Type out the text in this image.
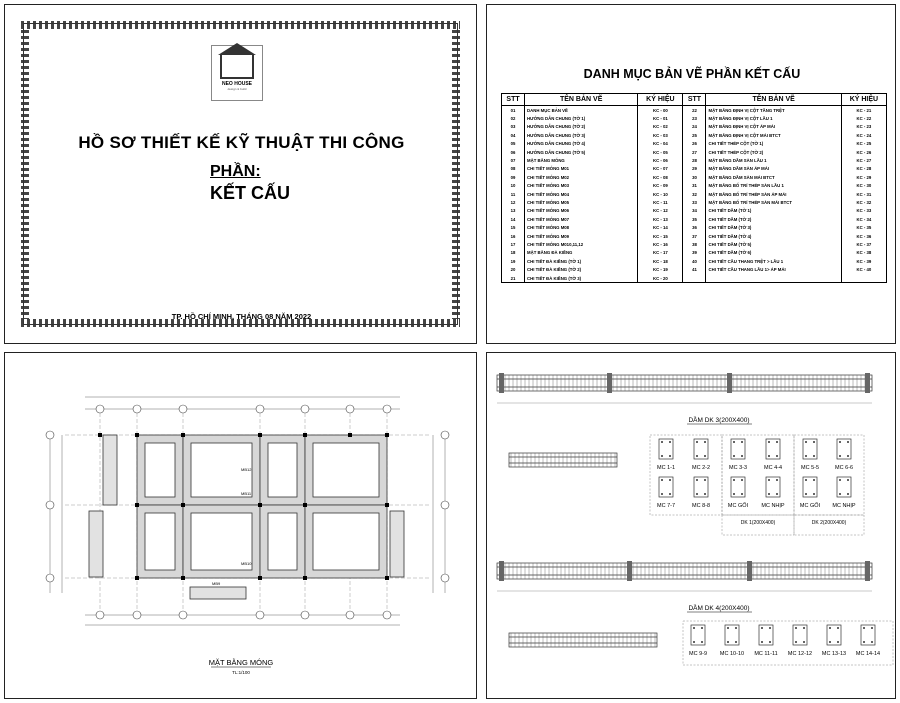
NEO HOUSE
design & build
HỒ SƠ THIẾT KẾ KỸ THUẬT THI CÔNG
PHẦN:
KẾT CẤU
TP. HỒ CHÍ MINH, THÁNG 08 NĂM 2022
DANH MỤC BẢN VẼ PHẦN KẾT CẤU
STT	TÊN BẢN VẼ	KÝ HIỆU	STT	TÊN BẢN VẼ	KÝ HIỆU
01	DANH MỤC BẢN VẼ	KC - 00	22	MẶT BẰNG ĐỊNH VỊ CỘT TẦNG TRỆT	KC - 21
02	HƯỚNG DẪN CHUNG (TỜ 1)	KC - 01	23	MẶT BẰNG ĐỊNH VỊ CỘT LẦU 1	KC - 22
03	HƯỚNG DẪN CHUNG (TỜ 2)	KC - 02	24	MẶT BẰNG ĐỊNH VỊ CỘT ÁP MÁI	KC - 23
04	HƯỚNG DẪN CHUNG (TỜ 3)	KC - 03	25	MẶT BẰNG ĐỊNH VỊ CỘT MÁI BTCT	KC - 24
05	HƯỚNG DẪN CHUNG (TỜ 4)	KC - 04	26	CHI TIẾT THÉP CỘT (TỜ 1)	KC - 25
06	HƯỚNG DẪN CHUNG (TỜ 5)	KC - 05	27	CHI TIẾT THÉP CỘT (TỜ 2)	KC - 26
07	MẶT BẰNG MÓNG	KC - 06	28	MẶT BẰNG DẦM SÀN LẦU 1	KC - 27
08	CHI TIẾT MÓNG M01	KC - 07	29	MẶT BẰNG DẦM SÀN ÁP MÁI	KC - 28
09	CHI TIẾT MÓNG M02	KC - 08	30	MẶT BẰNG DẦM SÀN MÁI BTCT	KC - 29
10	CHI TIẾT MÓNG M03	KC - 09	31	MẶT BẰNG BỐ TRÍ THÉP SÀN LẦU 1	KC - 30
11	CHI TIẾT MÓNG M04	KC - 10	32	MẶT BẰNG BỐ TRÍ THÉP SÀN ÁP MÁI	KC - 31
12	CHI TIẾT MÓNG M05	KC - 11	33	MẶT BẰNG BỐ TRÍ THÉP SÀN MÁI BTCT	KC - 32
13	CHI TIẾT MÓNG M06	KC - 12	34	CHI TIẾT DẦM (TỜ 1)	KC - 33
14	CHI TIẾT MÓNG M07	KC - 13	35	CHI TIẾT DẦM (TỜ 2)	KC - 34
15	CHI TIẾT MÓNG M08	KC - 14	36	CHI TIẾT DẦM (TỜ 3)	KC - 35
16	CHI TIẾT MÓNG M09	KC - 15	37	CHI TIẾT DẦM (TỜ 4)	KC - 36
17	CHI TIẾT MÓNG M010,11,12	KC - 16	38	CHI TIẾT DẦM (TỜ 5)	KC - 37
18	MẶT BẰNG ĐÀ KIỀNG	KC - 17	39	CHI TIẾT DẦM (TỜ 6)	KC - 38
19	CHI TIẾT ĐÀ KIỀNG (TỜ 1)	KC - 18	40	CHI TIẾT CẦU THANG TRỆT > LẦU 1	KC - 39
20	CHI TIẾT ĐÀ KIỀNG (TỜ 2)	KC - 19	41	CHI TIẾT CẦU THANG LẦU 1> ÁP MÁI	KC - 40
21	CHI TIẾT ĐÀ KIỀNG (TỜ 3)	KC - 20			
MB12
MB11
MB10
MB9
MẶT BẰNG MÓNG
TL:1/100
DẦM DK 3(200X400)
MC 1-1	MC 2-2	MC 3-3	MC 4-4	MC 5-5	MC 6-6
MC 7-7	MC 8-8	MC GỐI MC NHỊP	MC GỐI MC NHỊP
DK 1(200X400)	DK 2(200X400)
DẦM DK 4(200X400)
MC 9-9 MC 10-10 MC 11-11 MC 12-12 MC 13-13 MC 14-14
